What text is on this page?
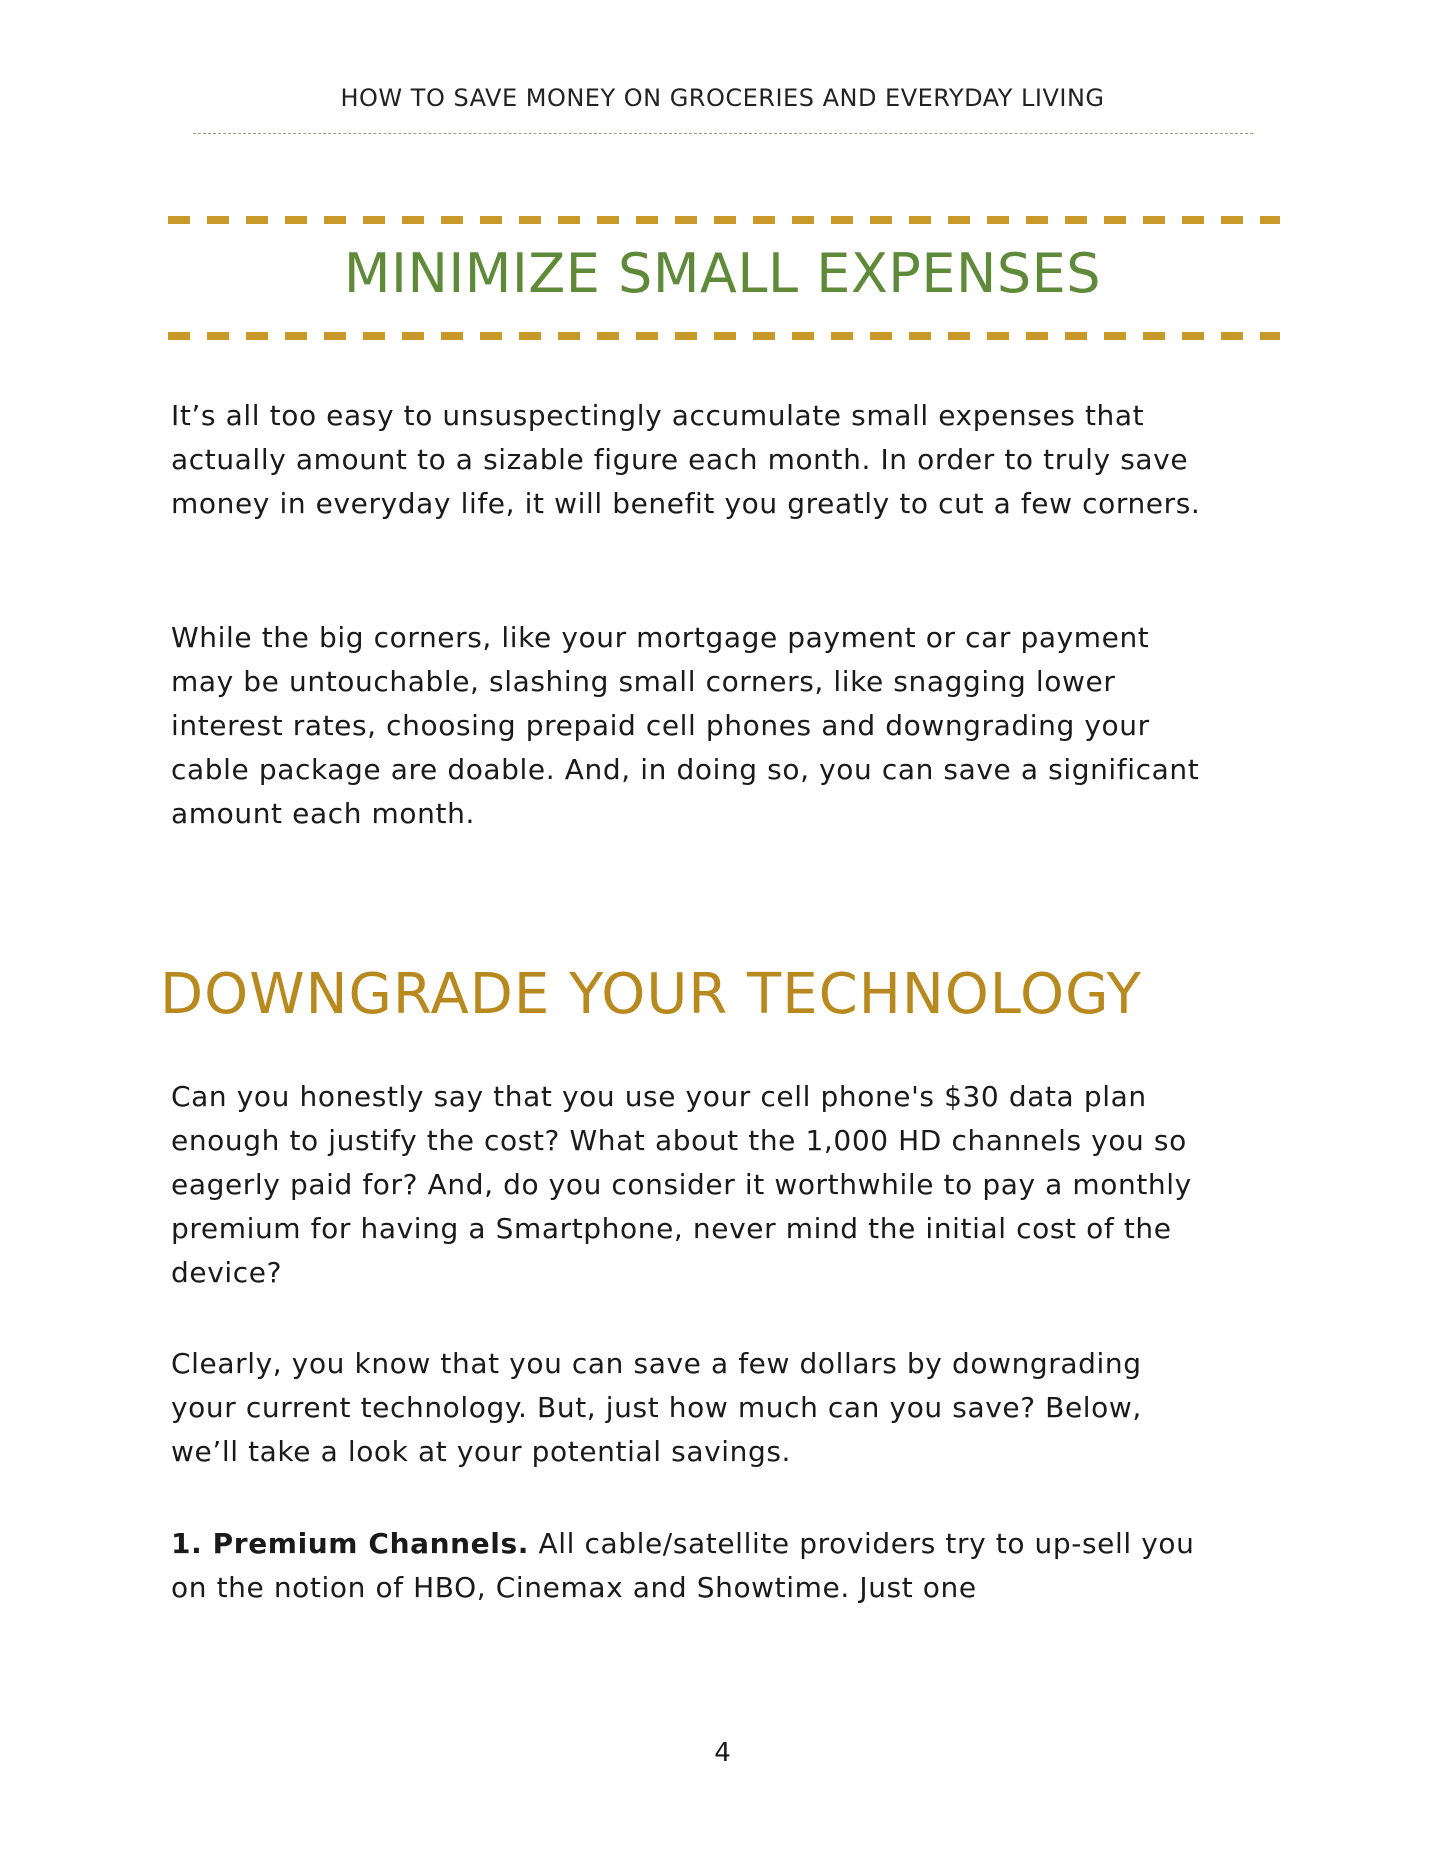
HOW TO SAVE MONEY ON GROCERIES AND EVERYDAY LIVING
MINIMIZE SMALL EXPENSES

It’s all too easy to unsuspectingly accumulate small expenses that actually amount to a sizable figure each month. In order to truly save money in everyday life, it will benefit you greatly to cut a few corners.

While the big corners, like your mortgage payment or car payment may be untouchable, slashing small corners, like snagging lower interest rates, choosing prepaid cell phones and downgrading your cable package are doable. And, in doing so, you can save a significant amount each month.

DOWNGRADE YOUR TECHNOLOGY

Can you honestly say that you use your cell phone's $30 data plan enough to justify the cost? What about the 1,000 HD channels you so eagerly paid for? And, do you consider it worthwhile to pay a monthly premium for having a Smartphone, never mind the initial cost of the device?

Clearly, you know that you can save a few dollars by downgrading your current technology. But, just how much can you save? Below, we’ll take a look at your potential savings.

1. Premium Channels. All cable/satellite providers try to up-sell you on the notion of HBO, Cinemax and Showtime. Just one

4
